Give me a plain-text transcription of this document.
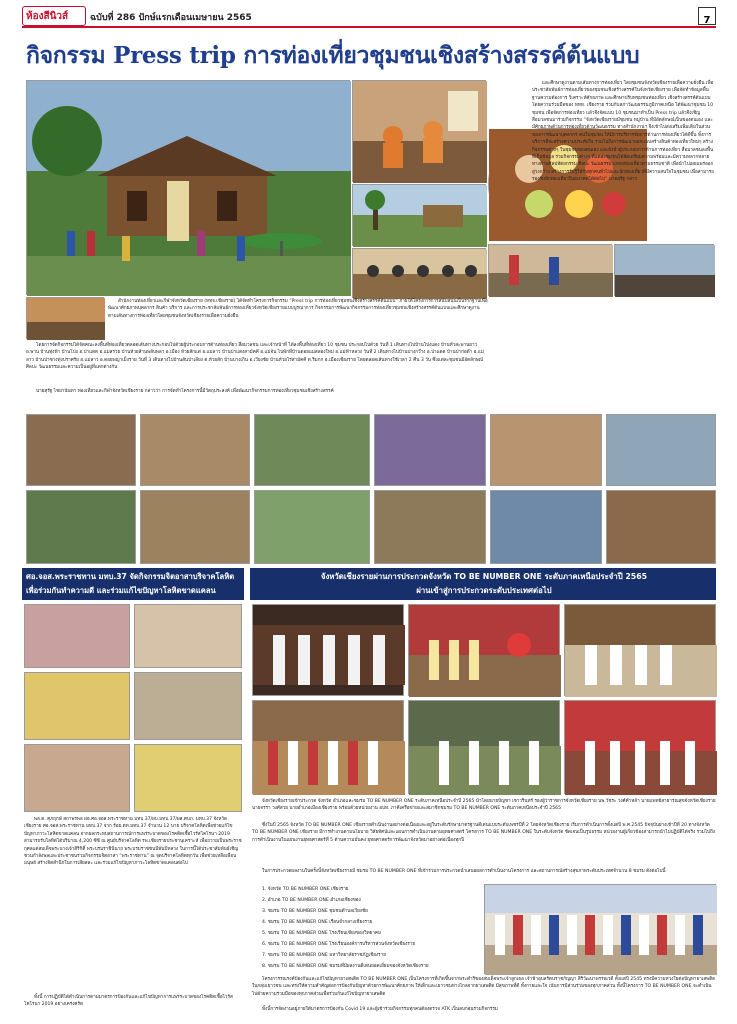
ห้องสีนิวส์ ฉบับที่ 286 ปักษ์แรกเดือนเมษายน 2565	7
กิจกรรม Press trip การท่องเที่ยวชุมชนเชิงสร้างสรรค์ต้นแบบ
และศึกษาดูงานตามเส้นทางการท่องเที่ยว โดยชุมชนจังหวัดเชียงรายเพื่อความยั่งยืน เพื่อประชาสัมพันธ์การท่องเที่ยวของชุมชนเชิงสร้างสรรค์ในจังหวัดเชียงราย เพื่อจัดทำข้อมูลพื้นฐานความต้องการ วิเคราะห์ศักยภาพ และศึกษาบริบทชุมชนท่องเที่ยว เชิงสร้างสรรค์ต้นแบบ โดยความร่วมมือของ ททท. เชียงราย ร่วมกับสภาวัฒนธรรมภูมิภาคเหนือ ได้พัฒนาชุมชน 10 ชุมชน เพื่อจัดการท่องเที่ยว แล้วจึงจัดแบบ 10 ชุมชนมาทำเป็น Press trip แล้วจึงเชิญสื่อมวลชนมาร่วมกิจกรรม “จังหวัดเชียงรายมีชุมชน หมู่บ้าน ที่มีอัตลักษณ์เป็นของตนเอง และมีศักยภาพด้านการท่องเที่ยวด้านวัฒนธรรม ทางสำนักงานฯ จึงเข้าไปส่งเสริมเพิ่มเติมในส่วนของการพัฒนาบุคลากร คนในชุมชน ให้มีการบริหารจัดการด้านการท่องเที่ยวได้ดีขึ้น ทั้งการบริการที่จะสร้างความประทับใจ รวมไปถึงการพัฒนาออกแบบสร้างสินค้าท่องเที่ยวใหม่ๆ สร้างกิจกรรมต่างๆ ในชุมชนของตนเอง และยังนำผู้ประกอบการด้านการท่องเที่ยว สื่อมวลชนลงพื้นที่เก็บข้อมูล ร่วมกิจกรรมต่างๆ ที่แต่ละชุมชนได้จัดเตรียมความพร้อมและมีความหลากหลายทางด้านศิลปหัตถกรรม ศิลปะ วัฒนธรรม แหล่งท่องเที่ยวตามธรรมชาติ เพื่อนำไปเผยแพร่ออกสู่วงกว้าง สร้างการรับรู้ให้กับทุกคนทั่วไปและนักท่องเที่ยวที่มีความสนใจในชุมชน เพื่อสามารถรองรับนักท่องเที่ยวในอนาคตได้ต่อไป” นายสุรัฐ กล่าว
สำนักงานท่องเที่ยวและกีฬาจังหวัดเชียงราย (ททจ.เชียงราย) ได้จัดทำโครงการกิจกรรม “Press trip การท่องเที่ยวชุมชนเชิงสร้างสรรค์ต้นแบบ” ภายใต้โครงการการสนับสนุนเป็นรากฐานเพื่อพัฒนาศักยภาพบุคลากร สินค้า บริการ และการประชาสัมพันธ์การท่องเที่ยวจังหวัดเชียงรายแบบบูรณาการ กิจกรรมการพัฒนากิจกรรมการท่องเที่ยวชุมชนเชิงสร้างสรรค์ต้นแบบและศึกษาดูงานตามเส้นทางการท่องเที่ยวโดยชุมชนจังหวัดเชียงรายเพื่อความยั่งยืน
โดยการจัดกิจกรรมได้จัดคณะลงพื้นที่ท่องเที่ยวตลอดเส้นทางประกอบไปด้วยผู้ประกอบการด้านท่องเที่ยว สื่อมวลชน และเจ้าหน้าที่ ได้ลงพื้นที่ท่องเที่ยว 10 ชุมชน ประกอบไปด้วย วันที่ 1 เดินทางไปบ้านโป่งแดง บ้านหัวสะพานยาว อ.พาน บ้านทุ่งฟ้า บ้านโป่ง อ.ป่าแดด อ.แม่สรวย บ้านห้วยส้านพลับพลา อ.เมือง ห้วยสักแต่ อ.แม่ลาว บ้านป่าแดงสามัคคี อ.แม่จัน ไปพักที่บ้านดอยแม่สลองใหม่ อ.แม่ฟ้าหลวง วันที่ 2 เดินทางไปบ้านปางกว๊าง อ.ป่าแดด บ้านป่าก่อดำ อ.แม่ลาว บ้านป่าซางทุ่งปราศรัย อ.แม่ลาว อ.ดอยพญาเม็งราย วันที่ 3 เดินทางไปบ้านสันป่าเลียง ต.ห้วยสัก บ้านบางเกิน อ.เวียงชัย บ้านห้วยไร่สามัคคี ต.ริมกก อ.เมืองเชียงราย โดยตลอดเส้นทางใช้เวลา 2 คืน 3 วัน ซึ่งแต่ละชุมชนมีอัตลักษณ์ ศิลปะ วัฒนธรรมและความเป็นอยู่ที่แตกต่างกัน
นายสุรัฐ ไชยานันทา ท่องเที่ยวและกีฬาจังหวัดเชียงราย กล่าวว่า การจัดทำโครงการนี้มีวัตถุประสงค์ เพื่อพัฒนากิจกรรมการท่องเที่ยวชุมชนเชิงสร้างสรรค์
ศอ.จอส.พระราชทาน มทบ.37 จัดกิจกรรมจิตอาสาบริจาคโลหิต
เพื่อร่วมกันทำความดี และร่วมแก้ไขปัญหาโลหิตขาดแคลน
พล.ต. ศุภฤกษ์ สถาพรพล ผอ.ศอ.จอส.พระราชทาน มทบ.37/ผบ.มทบ.37/ผส.ศบภ. มทบ.37 จังหวัดเชียงราย ศอ.จอส.พระราชทาน มทบ.37 จาก ร้อย.ตท.มทบ.37 จำนวน 12 นาย บริจาคโลหิตเพื่อช่วยแก้ไขปัญหาภาวะโลหิตขาดแคลน จากผลกระทบสถานการณ์การแพร่ระบาดของโรคติดเชื้อไวรัสโคโรนา 2019 สามารถรับโลหิตได้ปริมาณ 4,200 ซีซี ณ ศูนย์บริจาคโลหิต รพ.เชียงรายประชานุเคราะห์ เพื่อถวายเป็นพระราชกุศลแด่สมเด็จพระนางเจ้าสิริกิติ์ พระบรมราชินีนาถ พระบรมราชชนนีพันปีหลวง ในการนี้ได้ประชาสัมพันธ์เชิญชวนกำลังพลและประชาชนร่วมกิจกรรมจิตอาสา “พระราชทาน” ณ จุดบริจาคโลหิตทุกวัน เพื่อช่วยเหลือเพื่อนมนุษย์ สร้างจิตสำนึกในการเสียสละ และร่วมแก้ไขปัญหาภาวะโลหิตขาดแคลนต่อไป
ทั้งนี้ การปฏิบัติได้ดำเนินการตามมาตรการป้องกันและแก้ไขปัญหาการแพร่ระบาดของโรคติดเชื้อไวรัสโคโรนา 2019 อย่างเคร่งครัด
จังหวัดเชียงรายผ่านการประกวดจังหวัด TO BE NUMBER ONE ระดับภาคเหนือประจำปี 2565
ผ่านเข้าสู่การประกวดระดับประเทศต่อไป
จังหวัดเชียงรายเข้าประกวด จังหวัด อำเภอและชมรม TO BE NUMBER ONE ระดับภาคเหนือประจำปี 2565 นำโดยนายบัญชา เชาวรินทร์ รองผู้ว่าราชการจังหวัดเชียงราย นพ.วัชระ วงศ์คำหล้า นายแพทย์สาธารณสุขจังหวัดเชียงราย นายจรรา วงศ์สวย นายอำเภอเมืองเชียงราย พร้อมด้วยหน่วยงาน อปท. ภาคีเครือข่ายและสมาชิกชมรม TO BE NUMBER ONE ระดับภาคเหนือประจำปี 2565
ซึ่งในปี 2565 จังหวัด TO BE NUMBER ONE เชียงรายดำเนินงานอย่างต่อเนื่องและอยู่ในระดับรักษามาตรฐานดีเด่นแบบระดับเพชรปีที่ 2 โดยจังหวัดเชียงราย เริ่มการดำเนินการตั้งแต่ปี พ.ศ.2545 ปัจจุบันย่างเข้าปีที่ 20 ทางจังหวัด TO BE NUMBER ONE เชียงราย มีการทำงานตามนโยบาย วิสัยทัศน์และแผนการดำเนินงานตามยุทธศาสตร์ โครงการ TO BE NUMBER ONE ในระดับจังหวัด ชัดเจนเป็นรูปธรรม หน่วยงานผู้เกี่ยวข้องสามารถนำไปปฏิบัติได้จริง รวมไปถึงการดำเนินงานในแผนงานยุทธศาสตร์ที่ 5 ด้านความมั่นคง ยุทธศาสตร์การพัฒนาจังหวัดมาอย่างต่อเนื่องทุกปี
ในการประกวดผลงานในครั้งนี้จังหวัดเชียงรายมี ชมรม TO BE NUMBER ONE ที่เข้าร่วมการประกวดนำเสนอผลการดำเนินงานโครงการ และสถานการณ์สร้างสุขภาพระดับประเทศจำนวน 8 ชมรม ดังต่อไปนี้
1. จังหวัด TO BE NUMBER ONE เชียงราย
2. อำเภอ TO BE NUMBER ONE อำเภอเชียงของ
3. ชมรม TO BE NUMBER ONE ชุมชนตำบลเวียงชัย
4. ชมรม TO BE NUMBER ONE เรือนจำกลางเชียงราย
5. ชมรม TO BE NUMBER ONE โรงเรียนเชียงของวิทยาคม
6. ชมรม TO BE NUMBER ONE โรงเรียนองค์การบริหารส่วนจังหวัดเชียงราย
7. ชมรม TO BE NUMBER ONE มหาวิทยาลัยราชภัฏเชียงราย
8. ชมรม TO BE NUMBER ONE ชมรมที่มีผลงานดีเด่นยอดเยี่ยมของจังหวัดเชียงราย
โครงการรณรงค์ป้องกันและแก้ไขปัญหายาเสพติด TO BE NUMBER ONE เป็นโครงการที่เกิดขึ้นจากพระดำริของสมเด็จพระเจ้าลูกเธอ เจ้าฟ้าอุบลรัตนราชกัญญา สิริวัฒนาพรรณวดี ตั้งแต่ปี 2545 ทรงมีความห่วงใยต่อปัญหายาเสพติดในกลุ่มเยาวชน และทรงให้ความสำคัญต่อการป้องกันปัญหาด้วยการพัฒนาศักยภาพ ให้เด็กและเยาวชนห่างไกลจากยาเสพติด มีสุขภาพที่ดี ทั้งกายและใจ เน้นการมีส่วนร่วมของทุกภาคส่วน ทั้งนี้โครงการ TO BE NUMBER ONE จะดำเนินไปด้วยความร่วมมือของทุกภาคส่วนเพื่อร่วมกันแก้ไขปัญหายาเสพติด
ทั้งนี้การจัดงานอยู่ภายใต้มาตรการป้องกัน Covid 19 และผู้เข้าร่วมกิจกรรมทุกคนต้องตรวจ ATK เป็นลบก่อนร่วมกิจกรรม
